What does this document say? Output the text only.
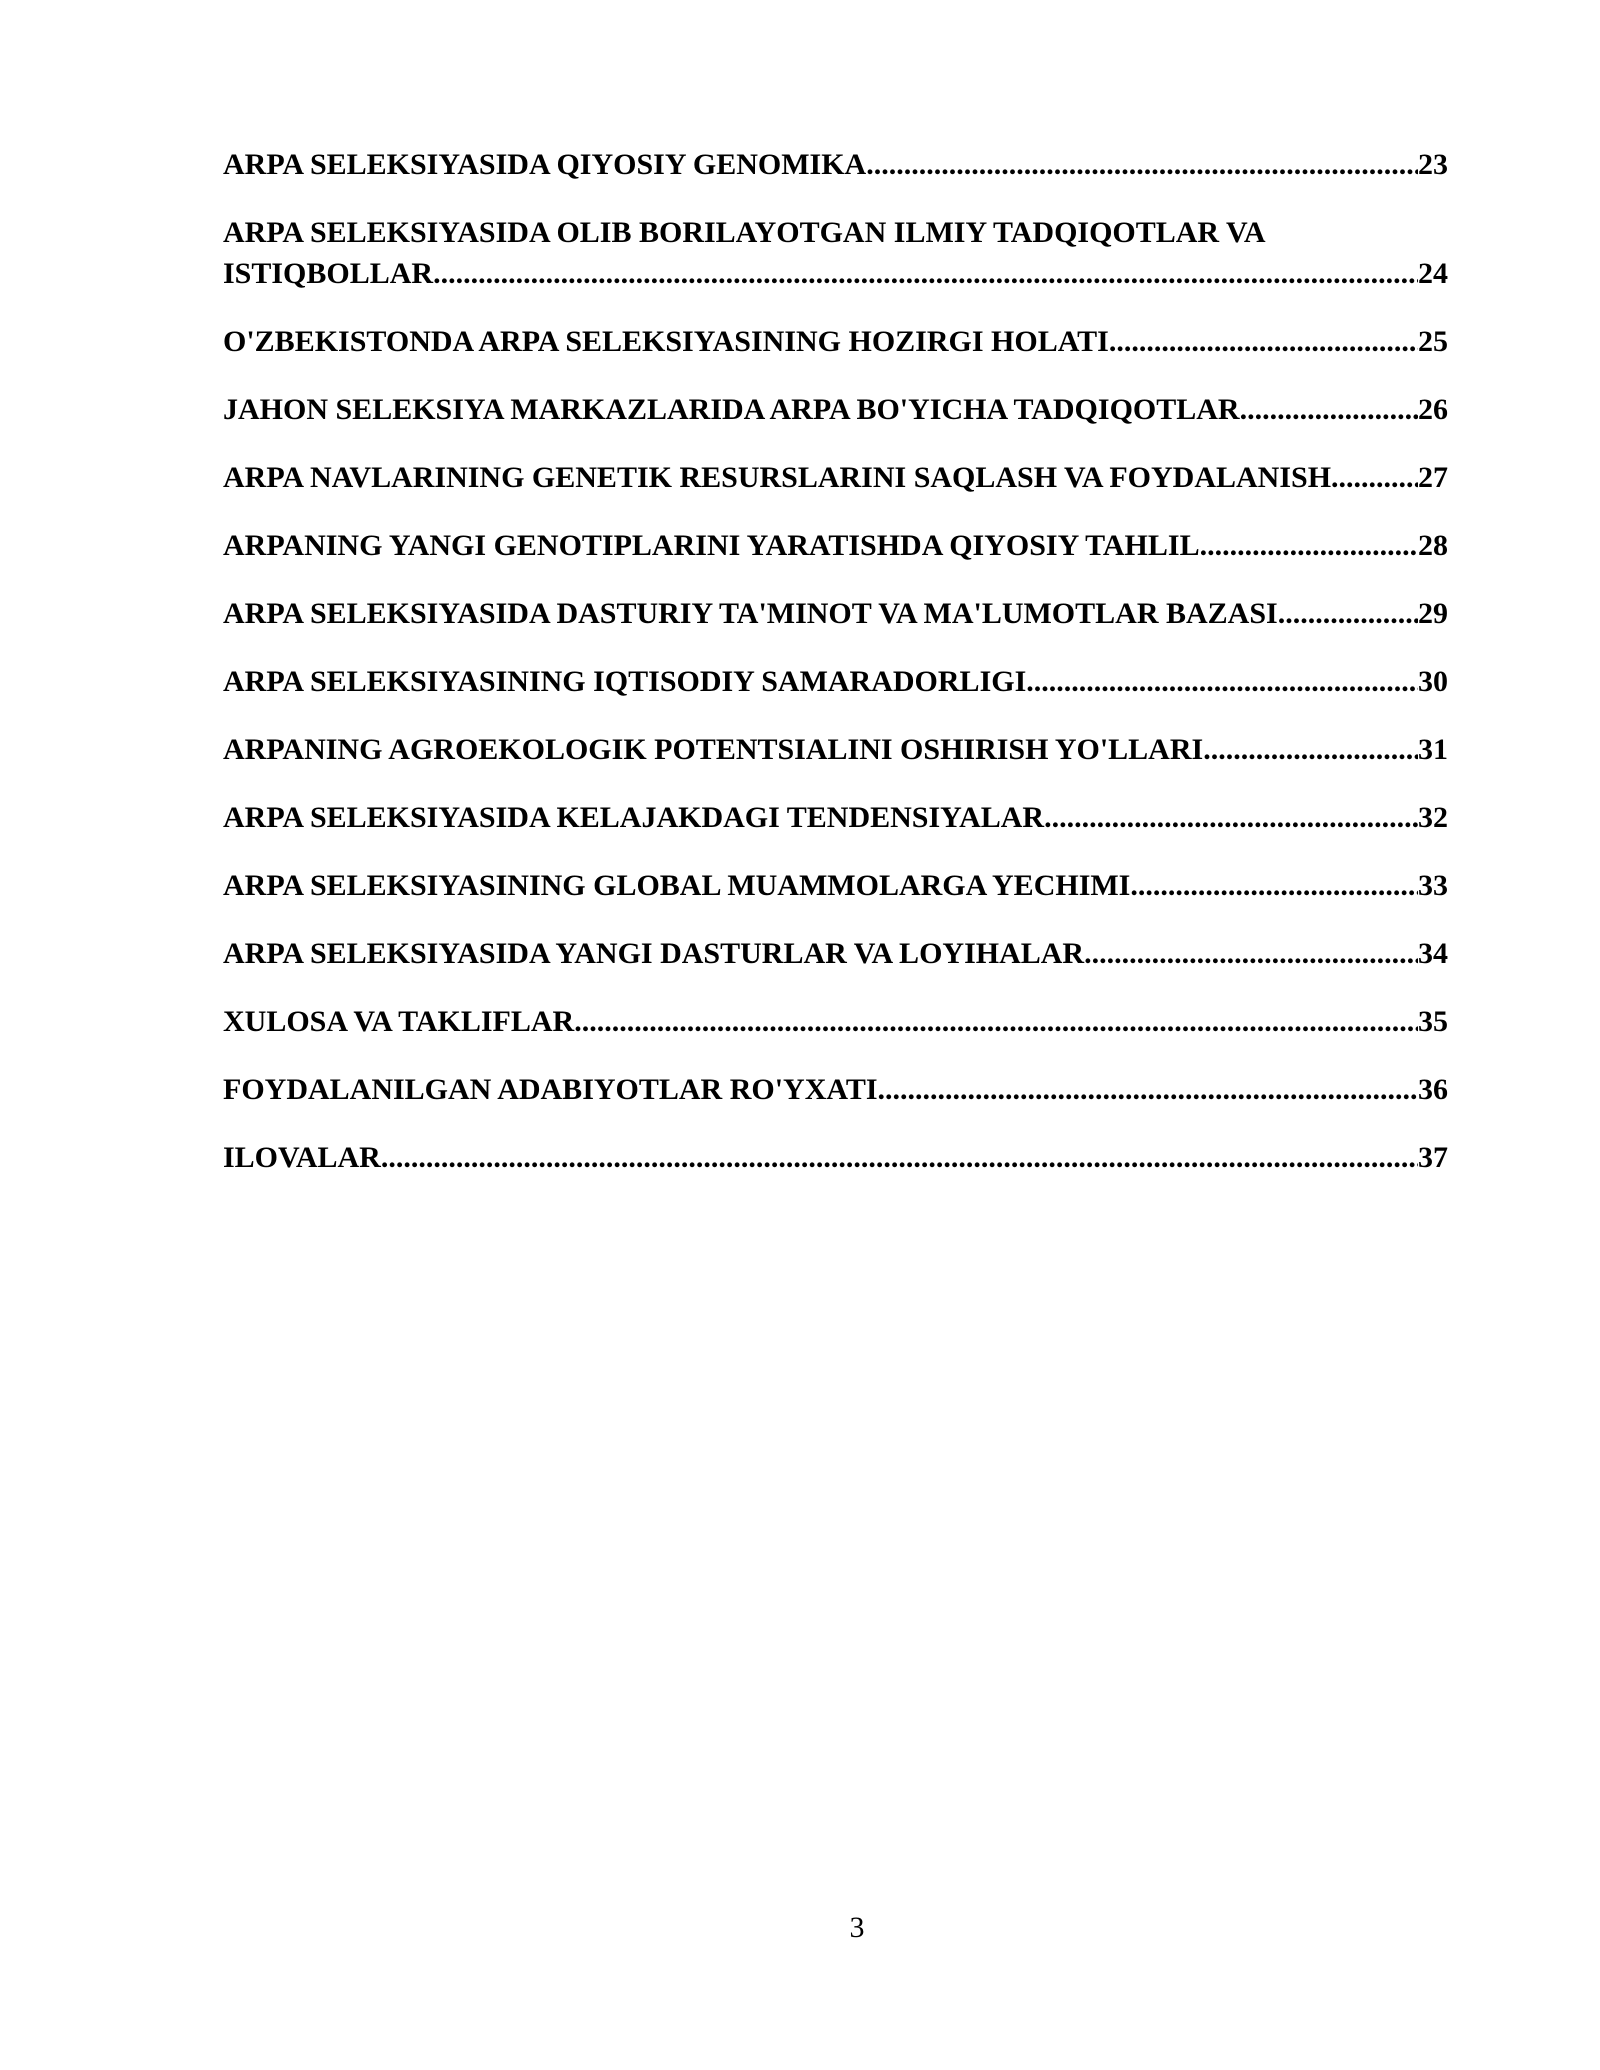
ARPA SELEKSIYASIDA QIYOSIY GENOMIKA .....	23
ARPA SELEKSIYASIDA OLIB BORILAYOTGAN ILMIY TADQIQOTLAR VA
ISTIQBOLLAR .....	24
O'ZBEKISTONDA ARPA SELEKSIYASINING HOZIRGI HOLATI .....	25
JAHON SELEKSIYA MARKAZLARIDA ARPA BO'YICHA TADQIQOTLAR .....	26
ARPA NAVLARINING GENETIK RESURSLARINI SAQLASH VA FOYDALANISH. .....	27
ARPANING YANGI GENOTIPLARINI YARATISHDA QIYOSIY TAHLIL .....	28
ARPA SELEKSIYASIDA DASTURIY TA'MINOT VA MA'LUMOTLAR BAZASI .....	29
ARPA SELEKSIYASINING IQTISODIY SAMARADORLIGI .....	30
ARPANING AGROEKOLOGIK POTENTSIALINI OSHIRISH YO'LLARI .....	31
ARPA SELEKSIYASIDA KELAJAKDAGI TENDENSIYALAR .....	32
ARPA SELEKSIYASINING GLOBAL MUAMMOLARGA YECHIMI .....	33
ARPA SELEKSIYASIDA YANGI DASTURLAR VA LOYIHALAR .....	34
XULOSA VA TAKLIFLAR .....	35
FOYDALANILGAN ADABIYOTLAR RO'YXATI .....	36
ILOVALAR .....	37
3
